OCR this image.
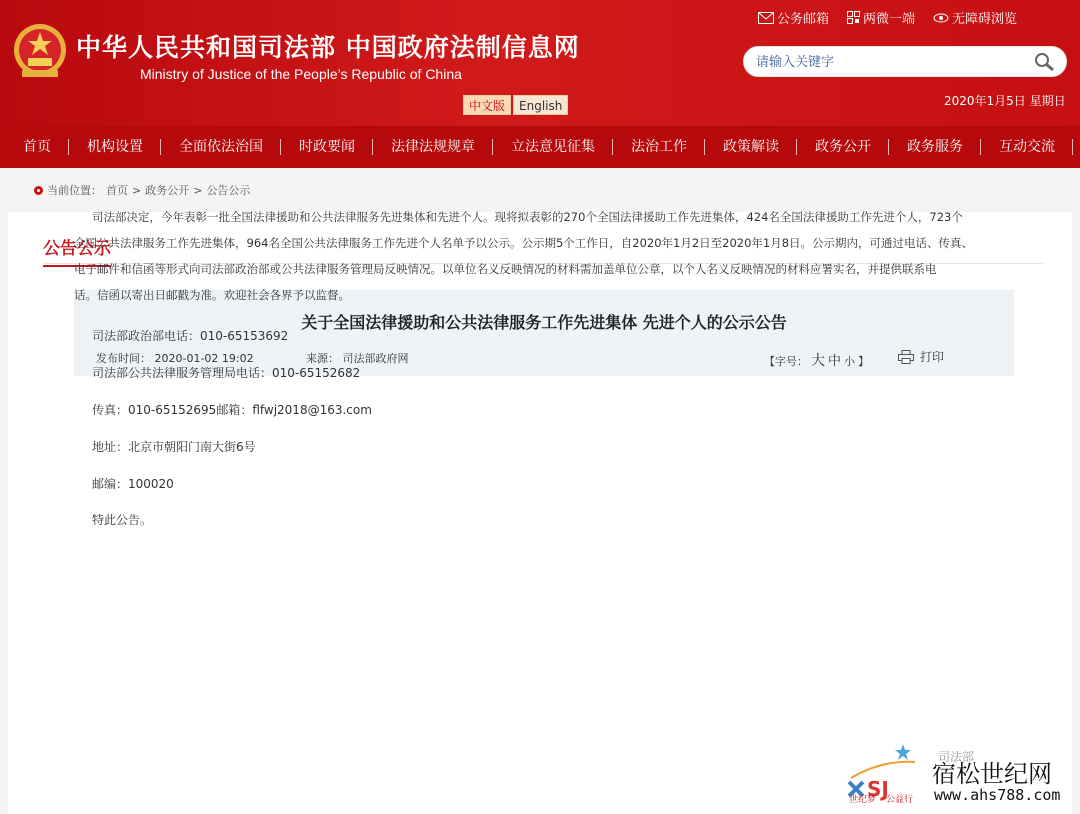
中华人民共和国司法部 中国政府法制信息网
Ministry of Justice of the People’s Republic of China
中文版	English
公务邮箱	两微一端	无障碍浏览
请输入关键字
2020年1月5日 星期日
首页	机构设置	全面依法治国	时政要闻	法律法规规章	立法意见征集	法治工作	政策解读	政务公开	政务服务	互动交流
当前位置： 首页 > 政务公开 > 公告公示
公告公示
关于全国法律援助和公共法律服务工作先进集体 先进个人的公示公告
发布时间： 2020-01-02 19:02	来源： 司法部政府网	【字号： 大 中 小 】	打印
司法部决定，今年表彰一批全国法律援助和公共法律服务先进集体和先进个人。现将拟表彰的270个全国法律援助工作先进集体，424名全国法律援助工作先进个人，723个
全国公共法律服务工作先进集体，964名全国公共法律服务工作先进个人名单予以公示。公示期5个工作日，自2020年1月2日至2020年1月8日。公示期内，可通过电话、传真、
电子邮件和信函等形式向司法部政治部或公共法律服务管理局反映情况。以单位名义反映情况的材料需加盖单位公章，以个人名义反映情况的材料应署实名，并提供联系电
话。信函以寄出日邮戳为准。欢迎社会各界予以监督。
司法部政治部电话：010-65153692
司法部公共法律服务管理局电话：010-65152682
传真：010-65152695邮箱：flfwj2018@163.com
地址：北京市朝阳门南大街6号
邮编：100020
特此公告。
司法部
SJ
世纪梦 公益行
宿松世纪网
www.ahs788.com
